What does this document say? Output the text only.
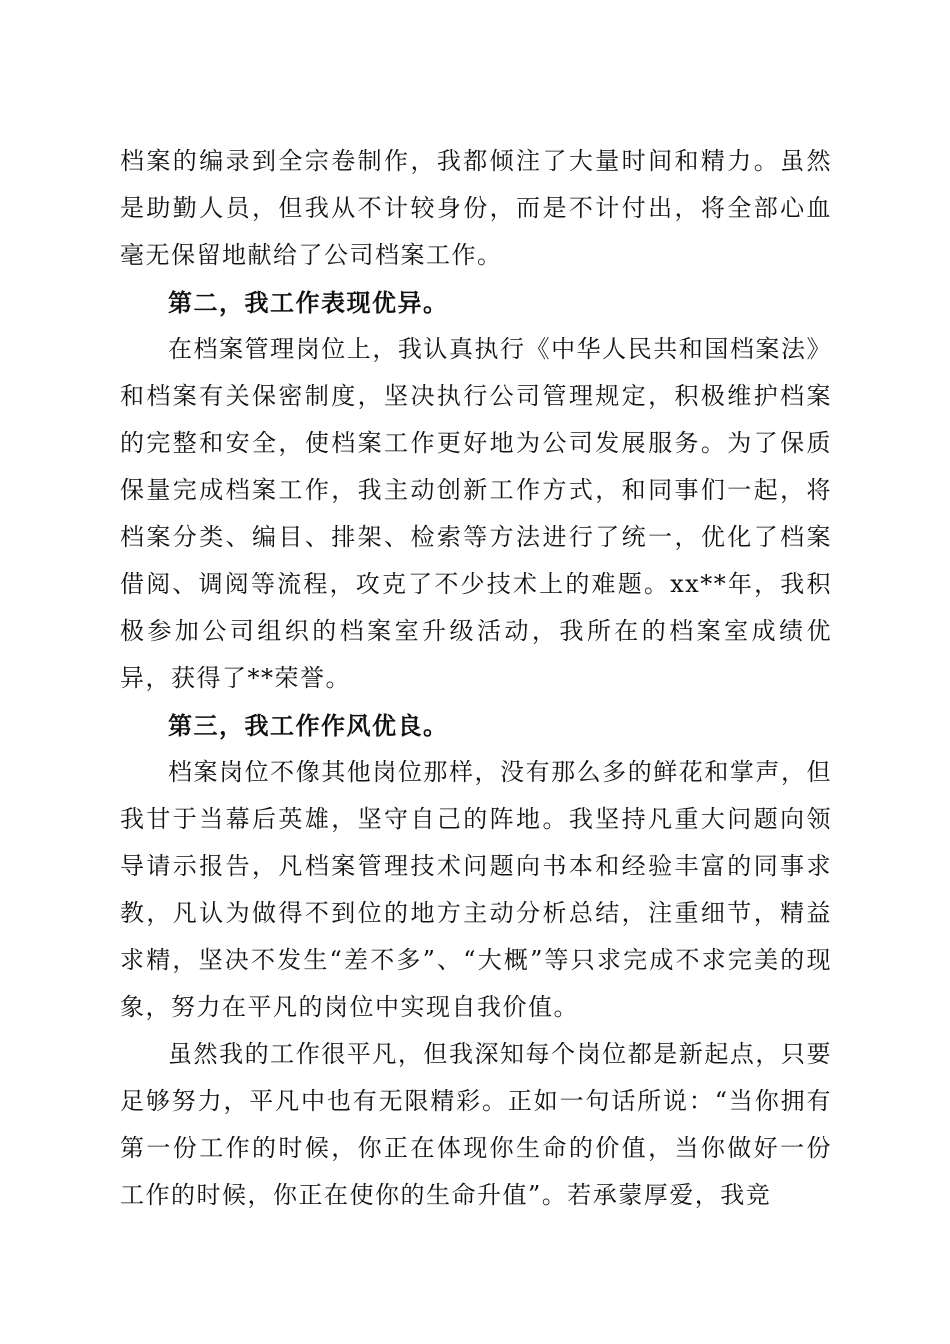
档案的编录到全宗卷制作，我都倾注了大量时间和精力。虽然是助勤人员，但我从不计较身份，而是不计付出，将全部心血毫无保留地献给了公司档案工作。

第二，我工作表现优异。

在档案管理岗位上，我认真执行《中华人民共和国档案法》和档案有关保密制度，坚决执行公司管理规定，积极维护档案的完整和安全，使档案工作更好地为公司发展服务。为了保质保量完成档案工作，我主动创新工作方式，和同事们一起，将档案分类、编目、排架、检索等方法进行了统一，优化了档案借阅、调阅等流程，攻克了不少技术上的难题。xx**年，我积极参加公司组织的档案室升级活动，我所在的档案室成绩优异，获得了**荣誉。

第三，我工作作风优良。

档案岗位不像其他岗位那样，没有那么多的鲜花和掌声，但我甘于当幕后英雄，坚守自己的阵地。我坚持凡重大问题向领导请示报告，凡档案管理技术问题向书本和经验丰富的同事求教，凡认为做得不到位的地方主动分析总结，注重细节，精益求精，坚决不发生“差不多”、“大概”等只求完成不求完美的现象，努力在平凡的岗位中实现自我价值。

虽然我的工作很平凡，但我深知每个岗位都是新起点，只要足够努力，平凡中也有无限精彩。正如一句话所说：“当你拥有第一份工作的时候，你正在体现你生命的价值，当你做好一份工作的时候，你正在使你的生命升值”。若承蒙厚爱，我竞
